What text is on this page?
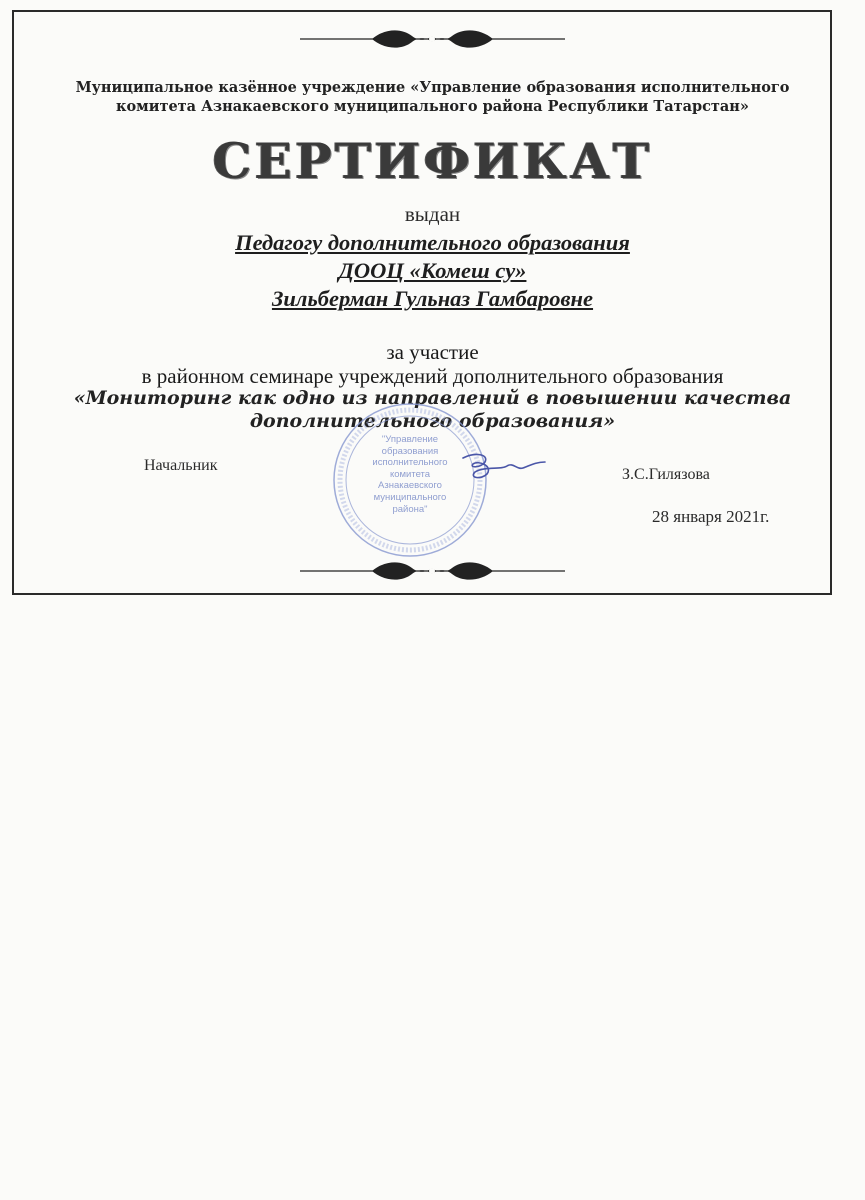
Муниципальное казённое учреждение «Управление образования исполнительного
комитета Азнакаевского муниципального района Республики Татарстан»
СЕРТИФИКАТ
выдан
Педагогу дополнительного образования
ДООЦ «Комеш су»
Зильберман Гульназ Гамбаровне
за участие
в районном семинаре учреждений дополнительного образования
«Мониторинг как одно из направлений в повышении качества
дополнительного образования»
"Управление образования исполнительного комитета Азнакаевского муниципального района"
Начальник
З.С.Гилязова
28 января 2021г.
